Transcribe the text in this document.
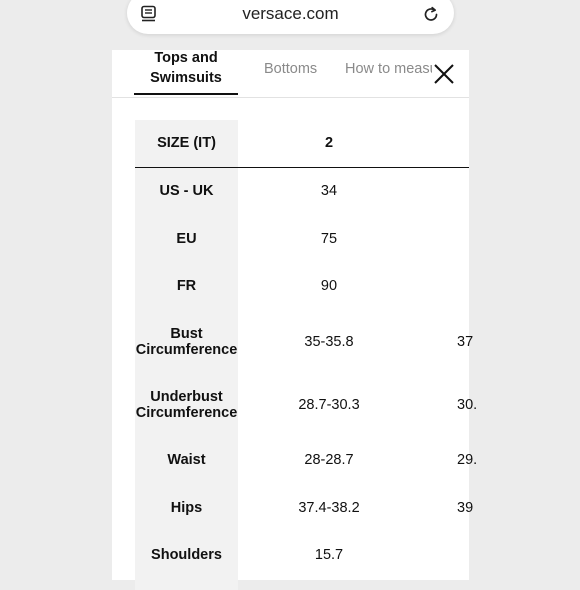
versace.com
Tops and
Swimsuits
Bottoms How to measure
SIZE (IT)	2
US - UK	34
EU	75
FR	90
Bust
Circumference	35-35.8	37
Underbust
Circumference	28.7-30.3	30.
Waist	28-28.7	29.
Hips	37.4-38.2	39
Shoulders	15.7
